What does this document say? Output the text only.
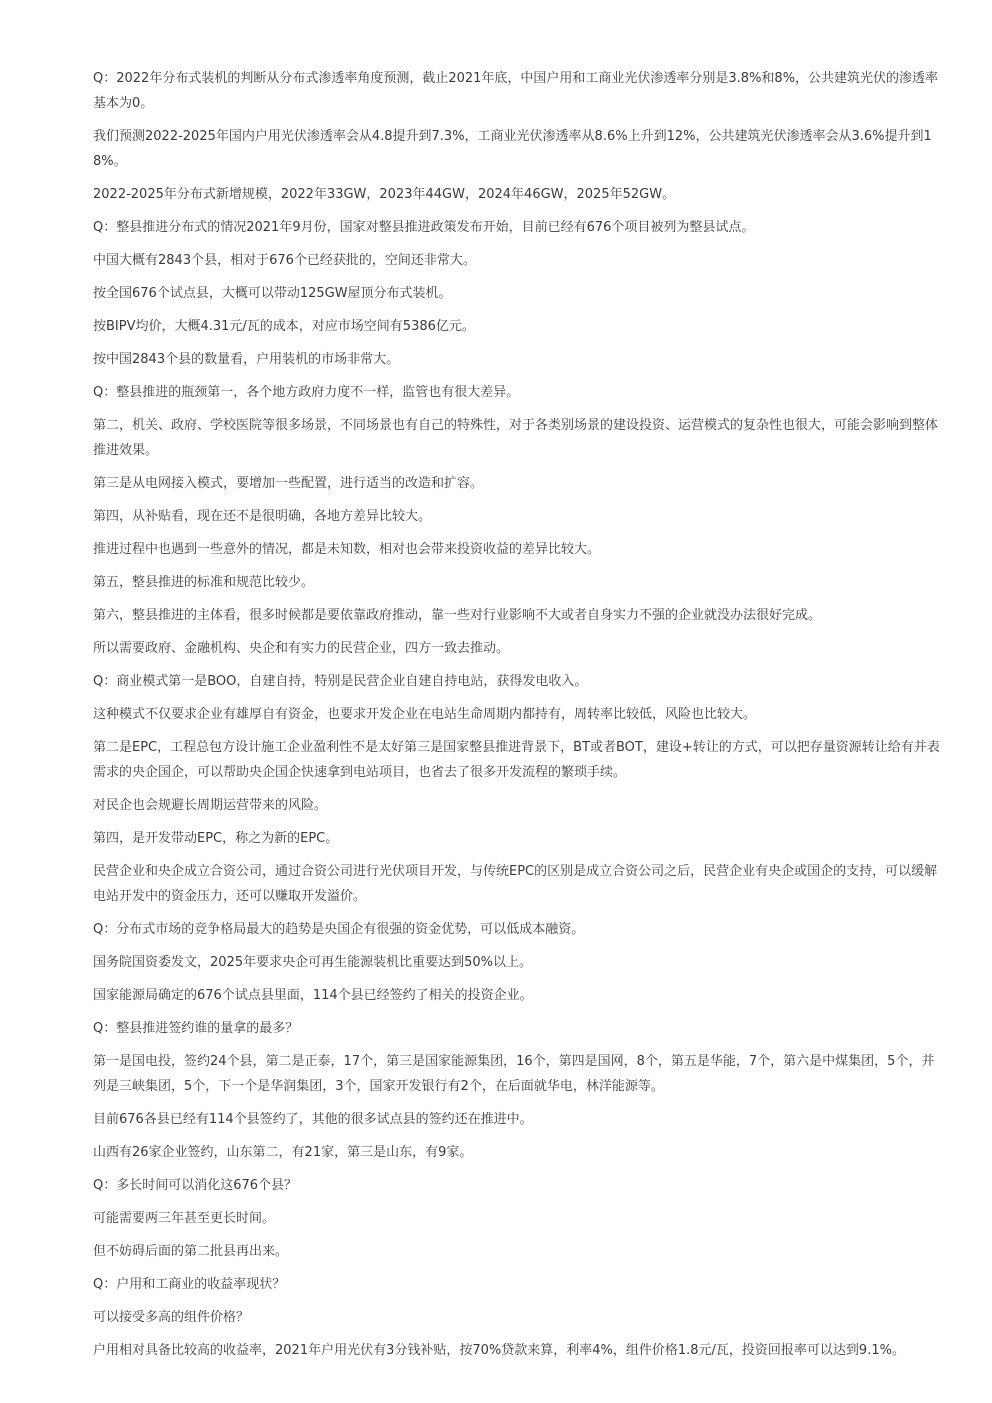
Q：2022年分布式装机的判断从分布式渗透率角度预测，截止2021年底，中国户用和工商业光伏渗透率分别是3.8%和8%，公共建筑光伏的渗透率基本为0。

我们预测2022-2025年国内户用光伏渗透率会从4.8提升到7.3%，工商业光伏渗透率从8.6%上升到12%，公共建筑光伏渗透率会从3.6%提升到18%。

2022-2025年分布式新增规模，2022年33GW，2023年44GW，2024年46GW，2025年52GW。

Q：整县推进分布式的情况2021年9月份，国家对整县推进政策发布开始，目前已经有676个项目被列为整县试点。

中国大概有2843个县，相对于676个已经获批的，空间还非常大。

按全国676个试点县，大概可以带动125GW屋顶分布式装机。

按BIPV均价，大概4.31元/瓦的成本，对应市场空间有5386亿元。

按中国2843个县的数量看，户用装机的市场非常大。

Q：整县推进的瓶颈第一，各个地方政府力度不一样，监管也有很大差异。

第二，机关、政府、学校医院等很多场景，不同场景也有自己的特殊性，对于各类别场景的建设投资、运营模式的复杂性也很大，可能会影响到整体推进效果。

第三是从电网接入模式，要增加一些配置，进行适当的改造和扩容。

第四，从补贴看，现在还不是很明确，各地方差异比较大。

推进过程中也遇到一些意外的情况，都是未知数，相对也会带来投资收益的差异比较大。

第五，整县推进的标准和规范比较少。

第六，整县推进的主体看，很多时候都是要依靠政府推动，靠一些对行业影响不大或者自身实力不强的企业就没办法很好完成。

所以需要政府、金融机构、央企和有实力的民营企业，四方一致去推动。

Q：商业模式第一是BOO，自建自持，特别是民营企业自建自持电站，获得发电收入。

这种模式不仅要求企业有雄厚自有资金，也要求开发企业在电站生命周期内都持有，周转率比较低，风险也比较大。

第二是EPC，工程总包方设计施工企业盈利性不是太好第三是国家整县推进背景下，BT或者BOT，建设+转让的方式，可以把存量资源转让给有并表需求的央企国企，可以帮助央企国企快速拿到电站项目，也省去了很多开发流程的繁琐手续。

对民企也会规避长周期运营带来的风险。

第四，是开发带动EPC，称之为新的EPC。

民营企业和央企成立合资公司，通过合资公司进行光伏项目开发，与传统EPC的区别是成立合资公司之后，民营企业有央企或国企的支持，可以缓解电站开发中的资金压力，还可以赚取开发溢价。

Q：分布式市场的竞争格局最大的趋势是央国企有很强的资金优势，可以低成本融资。

国务院国资委发文，2025年要求央企可再生能源装机比重要达到50%以上。

国家能源局确定的676个试点县里面，114个县已经签约了相关的投资企业。

Q：整县推进签约谁的量拿的最多？

第一是国电投，签约24个县，第二是正泰，17个，第三是国家能源集团，16个，第四是国网，8个，第五是华能，7个，第六是中煤集团，5个，并列是三峡集团，5个，下一个是华润集团，3个，国家开发银行有2个，在后面就华电，林洋能源等。

目前676各县已经有114个县签约了，其他的很多试点县的签约还在推进中。

山西有26家企业签约，山东第二，有21家，第三是山东，有9家。

Q：多长时间可以消化这676个县？

可能需要两三年甚至更长时间。

但不妨碍后面的第二批县再出来。

Q：户用和工商业的收益率现状？

可以接受多高的组件价格？

户用相对具备比较高的收益率，2021年户用光伏有3分钱补贴，按70%贷款来算，利率4%，组件价格1.8元/瓦，投资回报率可以达到9.1%。
